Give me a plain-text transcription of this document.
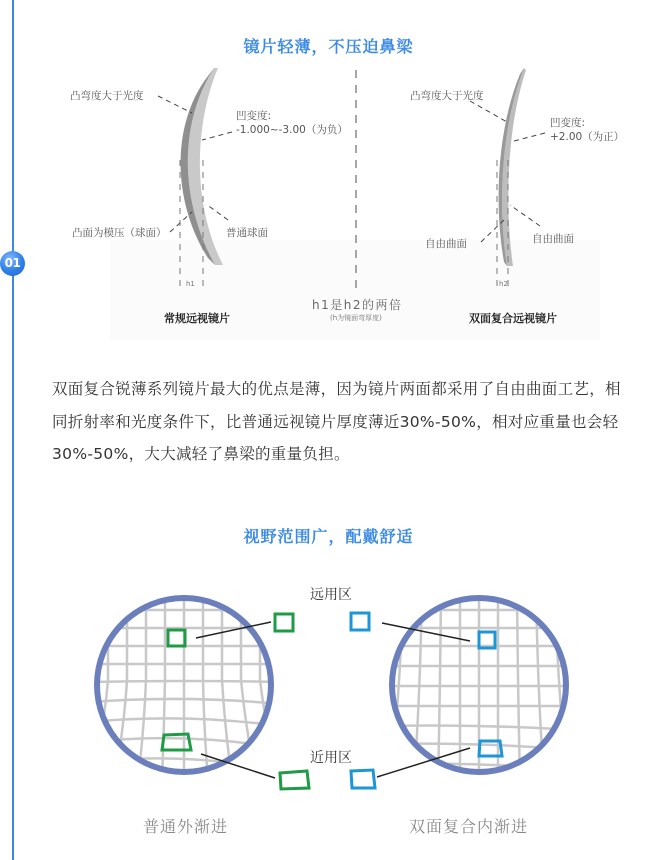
01
镜片轻薄，不压迫鼻梁
凸弯度大于光度
凹变度:
-1.000~-3.00（为负）
凸面为模压（球面）	普通球面
h1
常规远视镜片
h1是h2的两倍
(h为镜面弯厚度)
凸弯度大于光度
凹变度:
+2.00（为正）
自由曲面	自由曲面
h2
双面复合远视镜片

双面复合锐薄系列镜片最大的优点是薄，因为镜片两面都采用了自由曲面工艺，相

同折射率和光度条件下，比普通远视镜片厚度薄近30%-50%，相对应重量也会轻

30%-50%，大大减轻了鼻梁的重量负担。

视野范围广，配戴舒适
远用区
近用区
普通外渐进	双面复合内渐进
